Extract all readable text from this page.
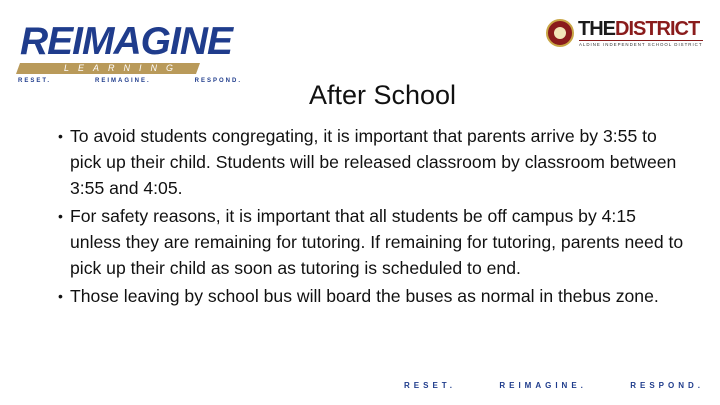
REIMAGINE
LEARNING
RESET.	REIMAGINE.	RESPOND.
THEDISTRICT
ALDINE INDEPENDENT SCHOOL DISTRICT
After School
• To avoid students congregating, it is important that parents arrive by 3:55 to pick up their child. Students will be released classroom by classroom between 3:55 and 4:05.
• For safety reasons, it is important that all students be off campus by 4:15 unless they are remaining for tutoring. If remaining for tutoring, parents need to pick up their child as soon as tutoring is scheduled to end.
• Those leaving by school bus will board the buses as normal in thebus zone.
RESET.	REIMAGINE.	RESPOND.
